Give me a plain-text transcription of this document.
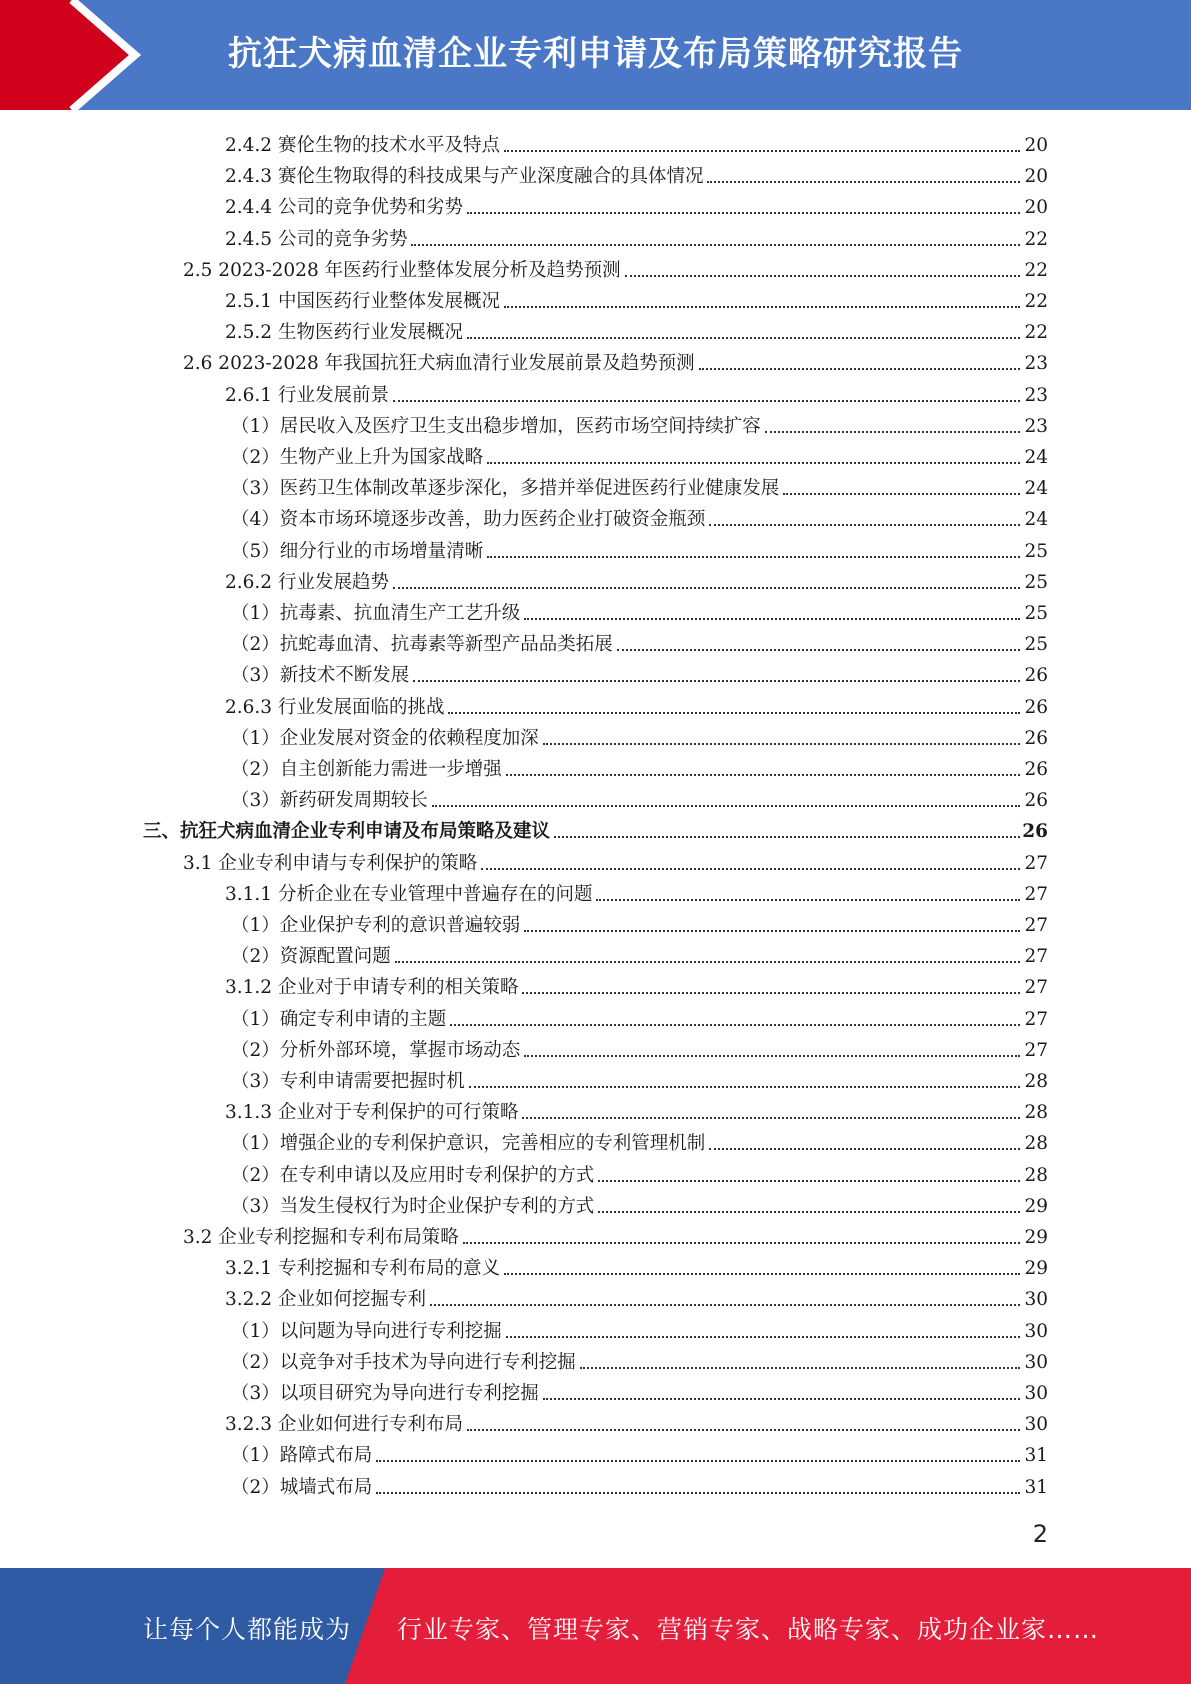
抗狂犬病血清企业专利申请及布局策略研究报告
2.4.2 赛伦生物的技术水平及特点	20
2.4.3 赛伦生物取得的科技成果与产业深度融合的具体情况	20
2.4.4 公司的竞争优势和劣势	20
2.4.5 公司的竞争劣势	22
2.5 2023-2028 年医药行业整体发展分析及趋势预测	22
2.5.1 中国医药行业整体发展概况	22
2.5.2 生物医药行业发展概况	22
2.6 2023-2028 年我国抗狂犬病血清行业发展前景及趋势预测	23
2.6.1 行业发展前景	23
（1）居民收入及医疗卫生支出稳步增加，医药市场空间持续扩容	23
（2）生物产业上升为国家战略	24
（3）医药卫生体制改革逐步深化，多措并举促进医药行业健康发展	24
（4）资本市场环境逐步改善，助力医药企业打破资金瓶颈	24
（5）细分行业的市场增量清晰	25
2.6.2 行业发展趋势	25
（1）抗毒素、抗血清生产工艺升级	25
（2）抗蛇毒血清、抗毒素等新型产品品类拓展	25
（3）新技术不断发展	26
2.6.3 行业发展面临的挑战	26
（1）企业发展对资金的依赖程度加深	26
（2）自主创新能力需进一步增强	26
（3）新药研发周期较长	26
三、抗狂犬病血清企业专利申请及布局策略及建议	26
3.1 企业专利申请与专利保护的策略	27
3.1.1 分析企业在专业管理中普遍存在的问题	27
（1）企业保护专利的意识普遍较弱	27
（2）资源配置问题	27
3.1.2 企业对于申请专利的相关策略	27
（1）确定专利申请的主题	27
（2）分析外部环境，掌握市场动态	27
（3）专利申请需要把握时机	28
3.1.3 企业对于专利保护的可行策略	28
（1）增强企业的专利保护意识，完善相应的专利管理机制	28
（2）在专利申请以及应用时专利保护的方式	28
（3）当发生侵权行为时企业保护专利的方式	29
3.2 企业专利挖掘和专利布局策略	29
3.2.1 专利挖掘和专利布局的意义	29
3.2.2 企业如何挖掘专利	30
（1）以问题为导向进行专利挖掘	30
（2）以竞争对手技术为导向进行专利挖掘	30
（3）以项目研究为导向进行专利挖掘	30
3.2.3 企业如何进行专利布局	30
（1）路障式布局	31
（2）城墙式布局	31
2
让每个人都能成为 行业专家、管理专家、营销专家、战略专家、成功企业家……
